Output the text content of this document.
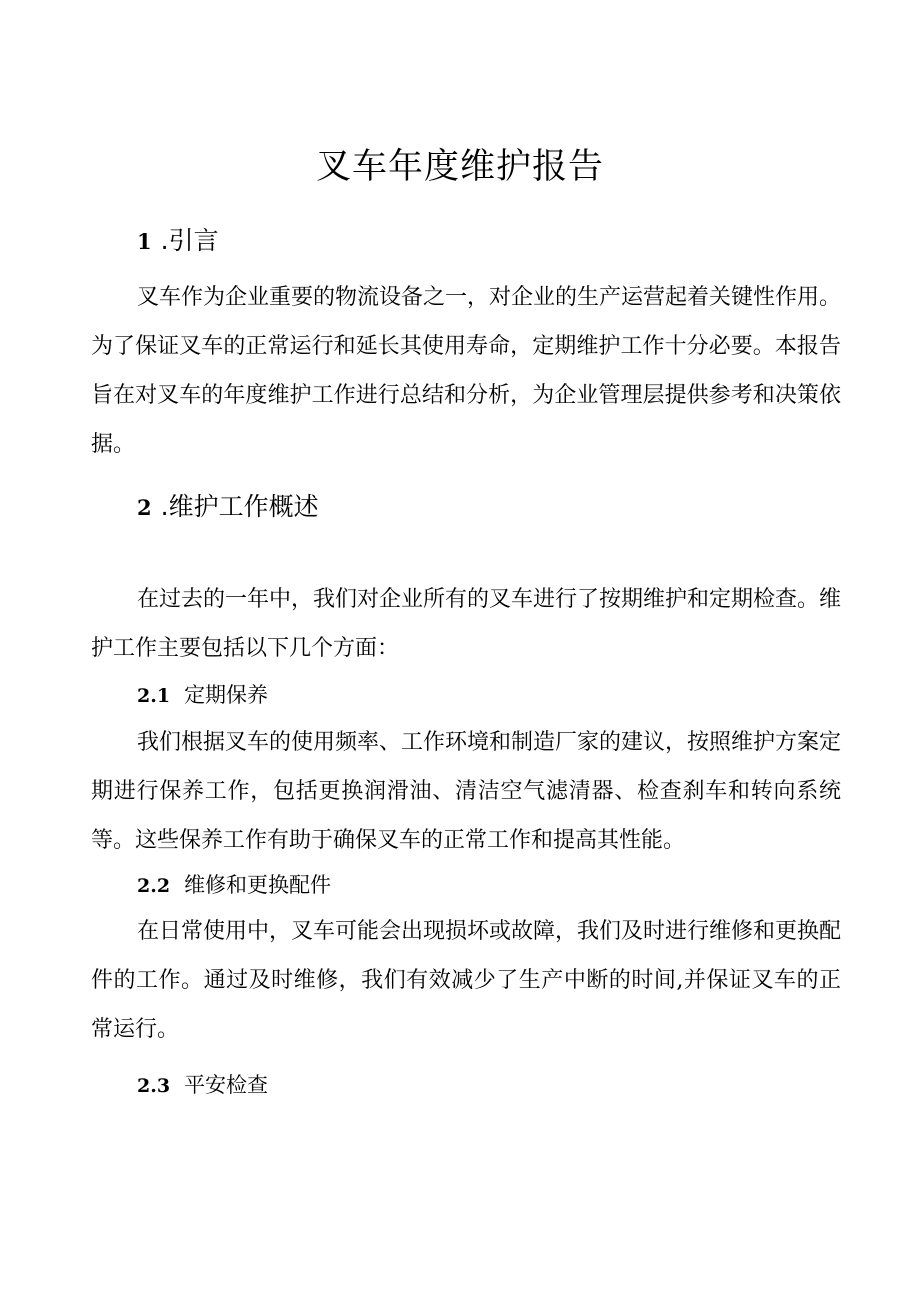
叉车年度维护报告
1 .引言
叉车作为企业重要的物流设备之一，对企业的生产运营起着关键性作用。为了保证叉车的正常运行和延长其使用寿命，定期维护工作十分必要。本报告旨在对叉车的年度维护工作进行总结和分析，为企业管理层提供参考和决策依据。
2 .维护工作概述
在过去的一年中，我们对企业所有的叉车进行了按期维护和定期检查。维护工作主要包括以下几个方面：
2.1 定期保养
我们根据叉车的使用频率、工作环境和制造厂家的建议，按照维护方案定期进行保养工作，包括更换润滑油、清洁空气滤清器、检查刹车和转向系统等。这些保养工作有助于确保叉车的正常工作和提高其性能。
2.2 维修和更换配件
在日常使用中，叉车可能会出现损坏或故障，我们及时进行维修和更换配件的工作。通过及时维修，我们有效减少了生产中断的时间,并保证叉车的正常运行。
2.3 平安检查
